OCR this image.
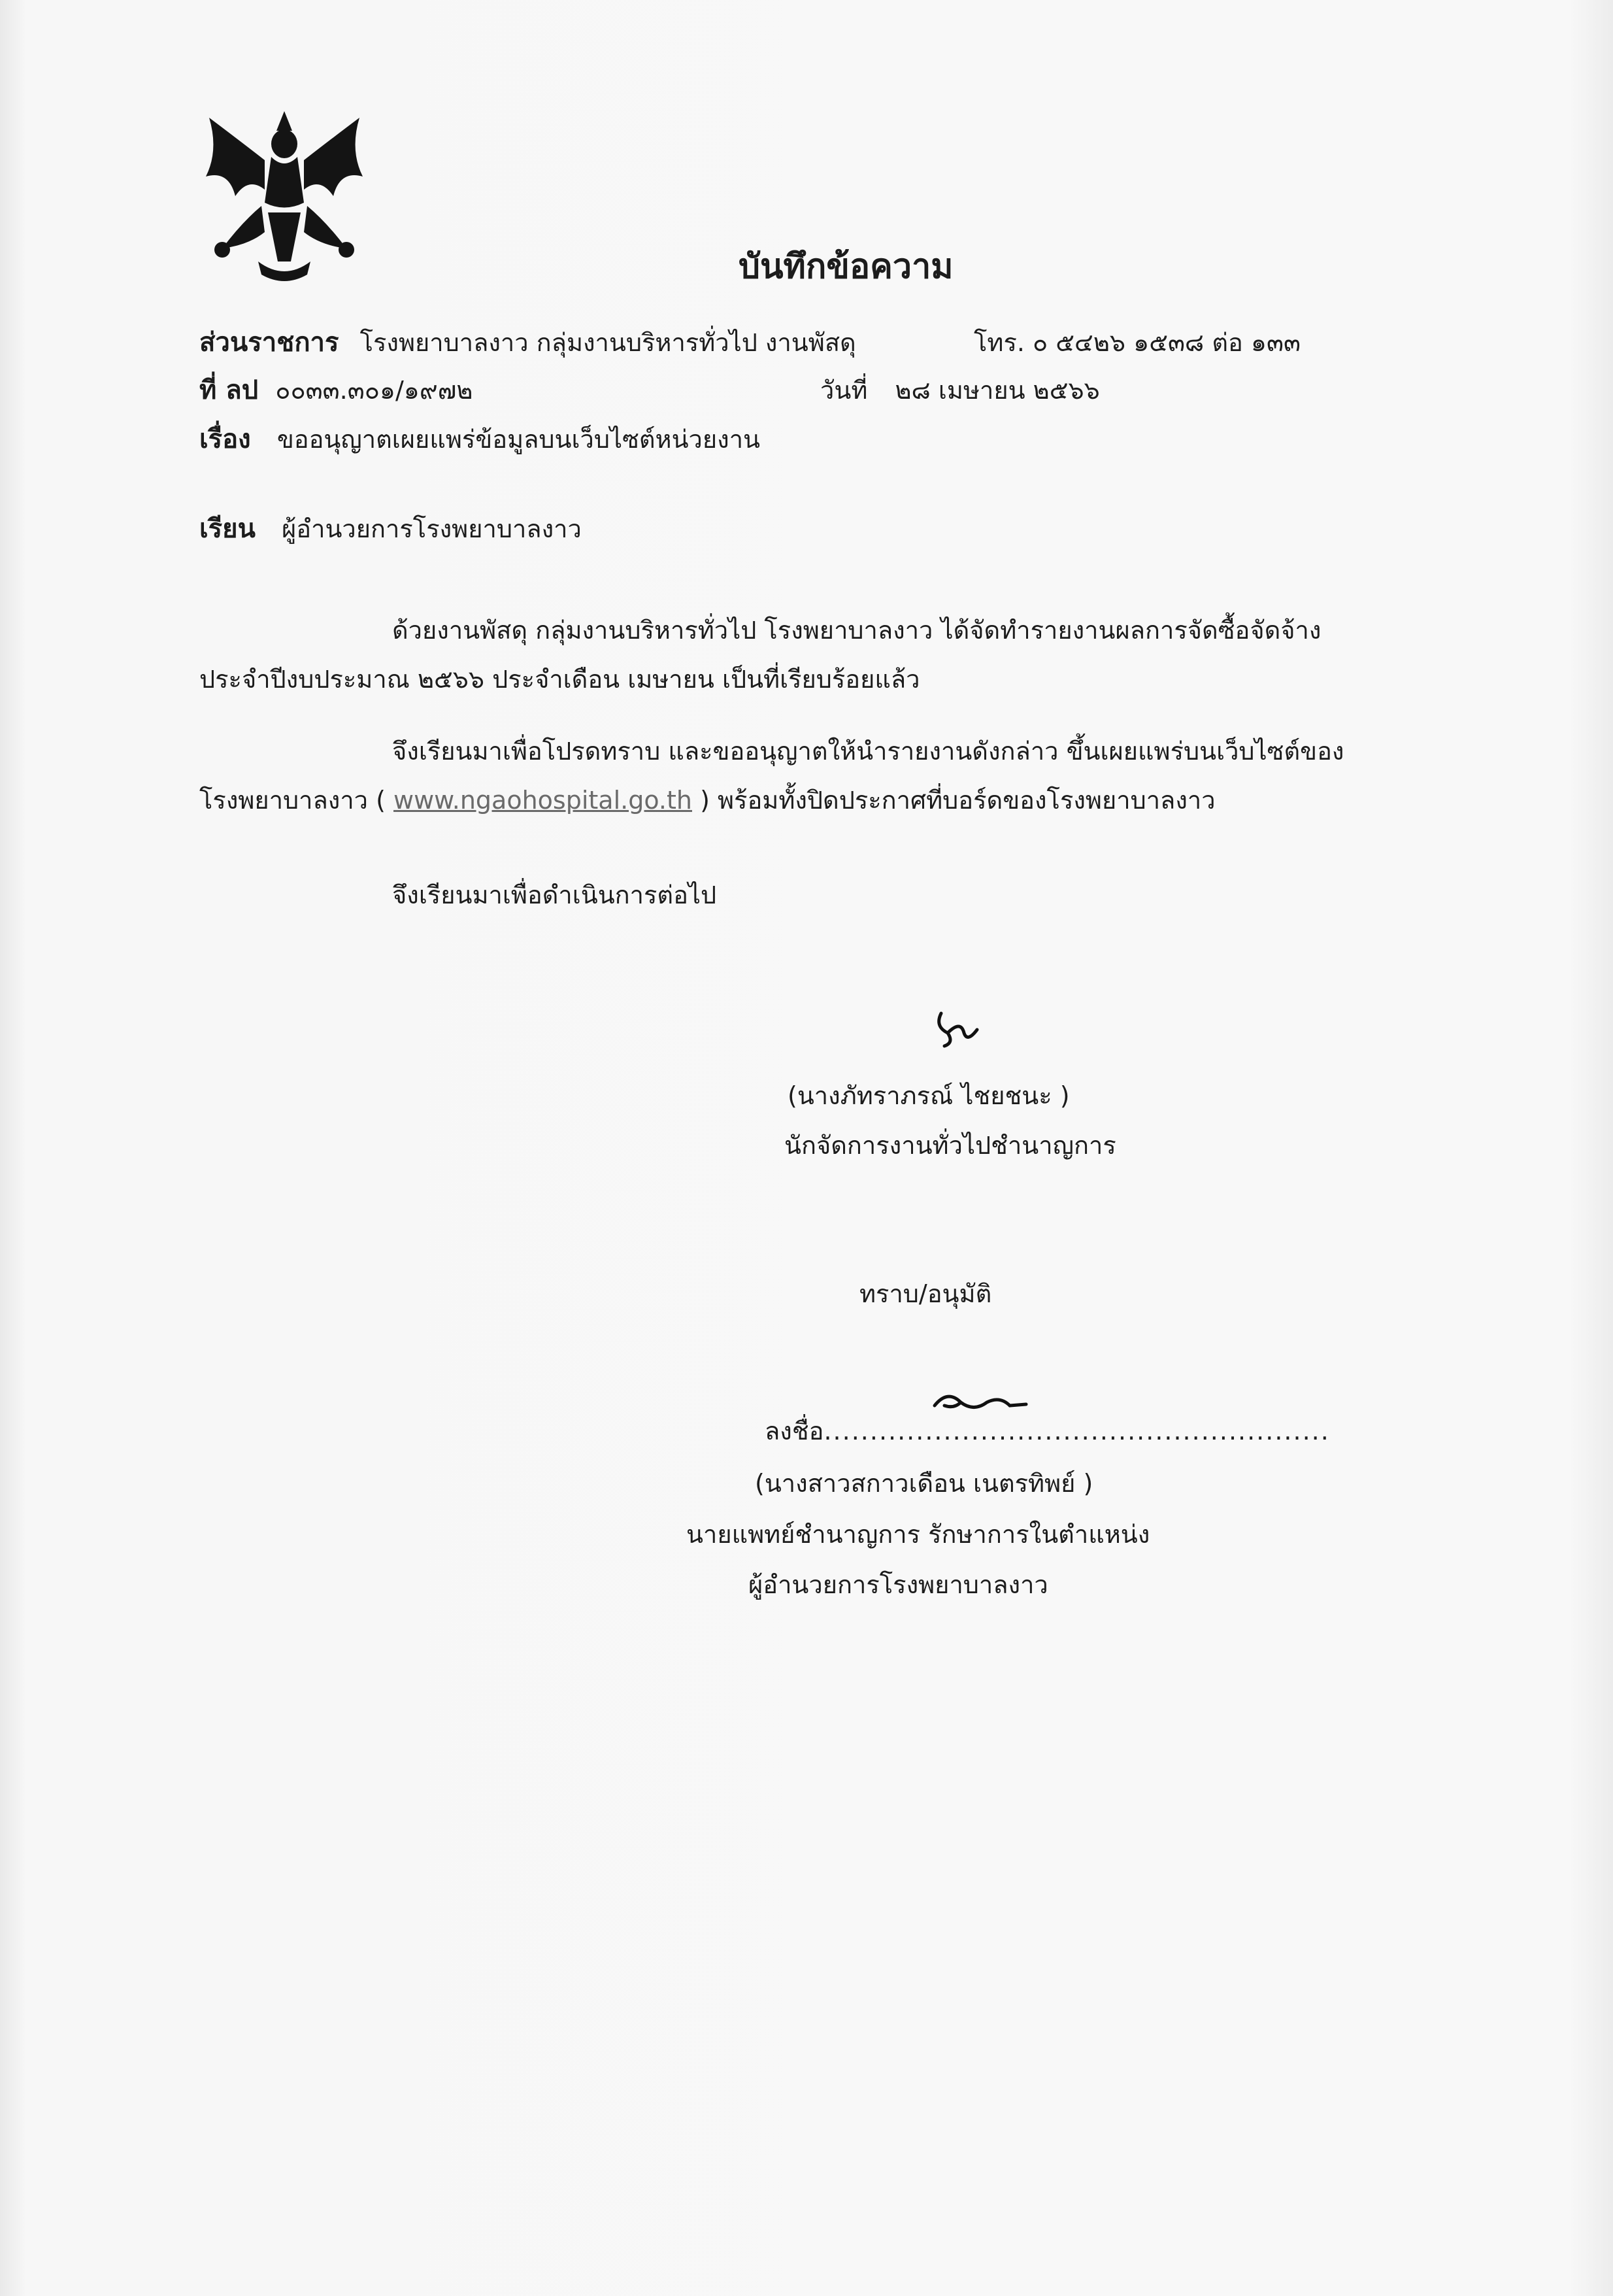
บันทึกข้อความ
ส่วนราชการ โรงพยาบาลงาว กลุ่มงานบริหารทั่วไป งานพัสดุ	โทร. ๐ ๕๔๒๖ ๑๕๓๘ ต่อ ๑๓๓
ที่ ลป ๐๐๓๓.๓๐๑/๑๙๗๒	วันที่ ๒๘ เมษายน ๒๕๖๖
เรื่อง ขออนุญาตเผยแพร่ข้อมูลบนเว็บไซต์หน่วยงาน
เรียน ผู้อำนวยการโรงพยาบาลงาว
ด้วยงานพัสดุ กลุ่มงานบริหารทั่วไป โรงพยาบาลงาว ได้จัดทำรายงานผลการจัดซื้อจัดจ้าง
ประจำปีงบประมาณ ๒๕๖๖ ประจำเดือน เมษายน เป็นที่เรียบร้อยแล้ว
จึงเรียนมาเพื่อโปรดทราบ และขออนุญาตให้นำรายงานดังกล่าว ขึ้นเผยแพร่บนเว็บไซต์ของ
โรงพยาบาลงาว ( www.ngaohospital.go.th ) พร้อมทั้งปิดประกาศที่บอร์ดของโรงพยาบาลงาว
จึงเรียนมาเพื่อดำเนินการต่อไป
(นางภัทราภรณ์ ไชยชนะ )
นักจัดการงานทั่วไปชำนาญการ
ทราบ/อนุมัติ
ลงชื่อ.......................................................
(นางสาวสกาวเดือน เนตรทิพย์ )
นายแพทย์ชำนาญการ รักษาการในตำแหน่ง
ผู้อำนวยการโรงพยาบาลงาว
